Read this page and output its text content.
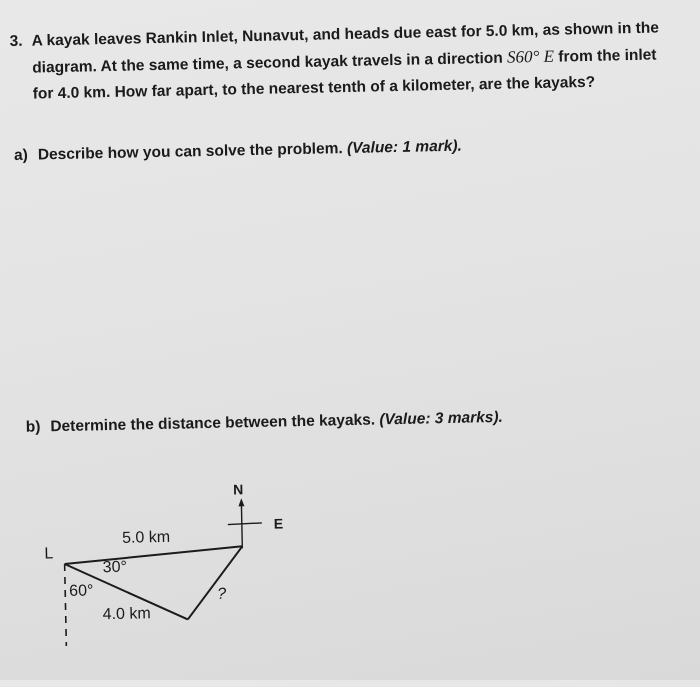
3. A kayak leaves Rankin Inlet, Nunavut, and heads due east for 5.0 km, as shown in the
diagram. At the same time, a second kayak travels in a direction S60° E from the inlet
for 4.0 km. How far apart, to the nearest tenth of a kilometer, are the kayaks?
a) Describe how you can solve the problem. (Value: 1 mark).
b) Determine the distance between the kayaks. (Value: 3 marks).
N
E
L
5.0 km
30°
60°
4.0 km
?
